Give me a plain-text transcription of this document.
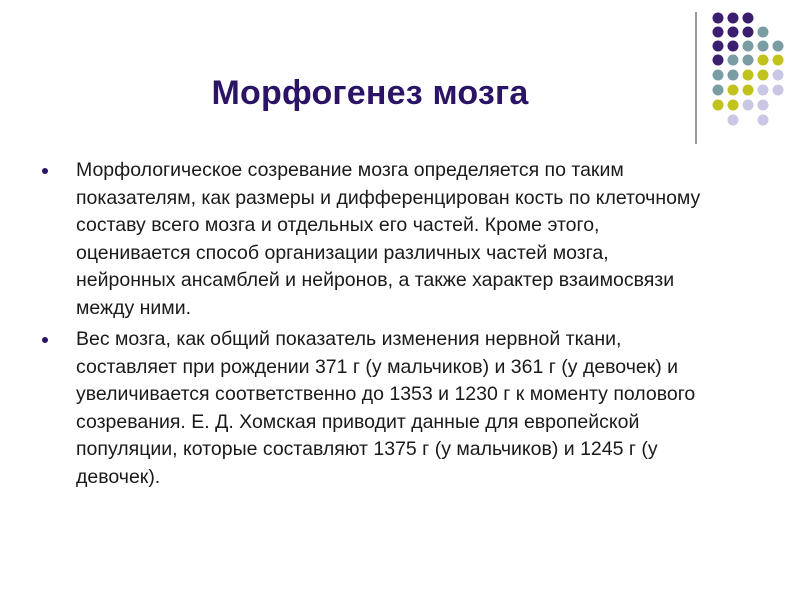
Морфогенез мозга
Морфологическое созревание мозга определяется по таким показателям, как размеры и дифференцирован кость по клеточному составу всего мозга и отдельных его частей. Кроме этого, оценивается способ организации различных частей мозга, нейронных ансамблей и нейронов, а также характер взаимосвязи между ними.
Вес мозга, как общий показатель изменения нервной ткани, составляет при рождении 371 г (у мальчиков) и 361 г (у девочек) и увеличивается соответственно до 1353 и 1230 г к моменту полового созревания. Е. Д. Хомская приводит данные для европейской популяции, которые составляют 1375 г (у мальчиков) и 1245 г (у девочек).
